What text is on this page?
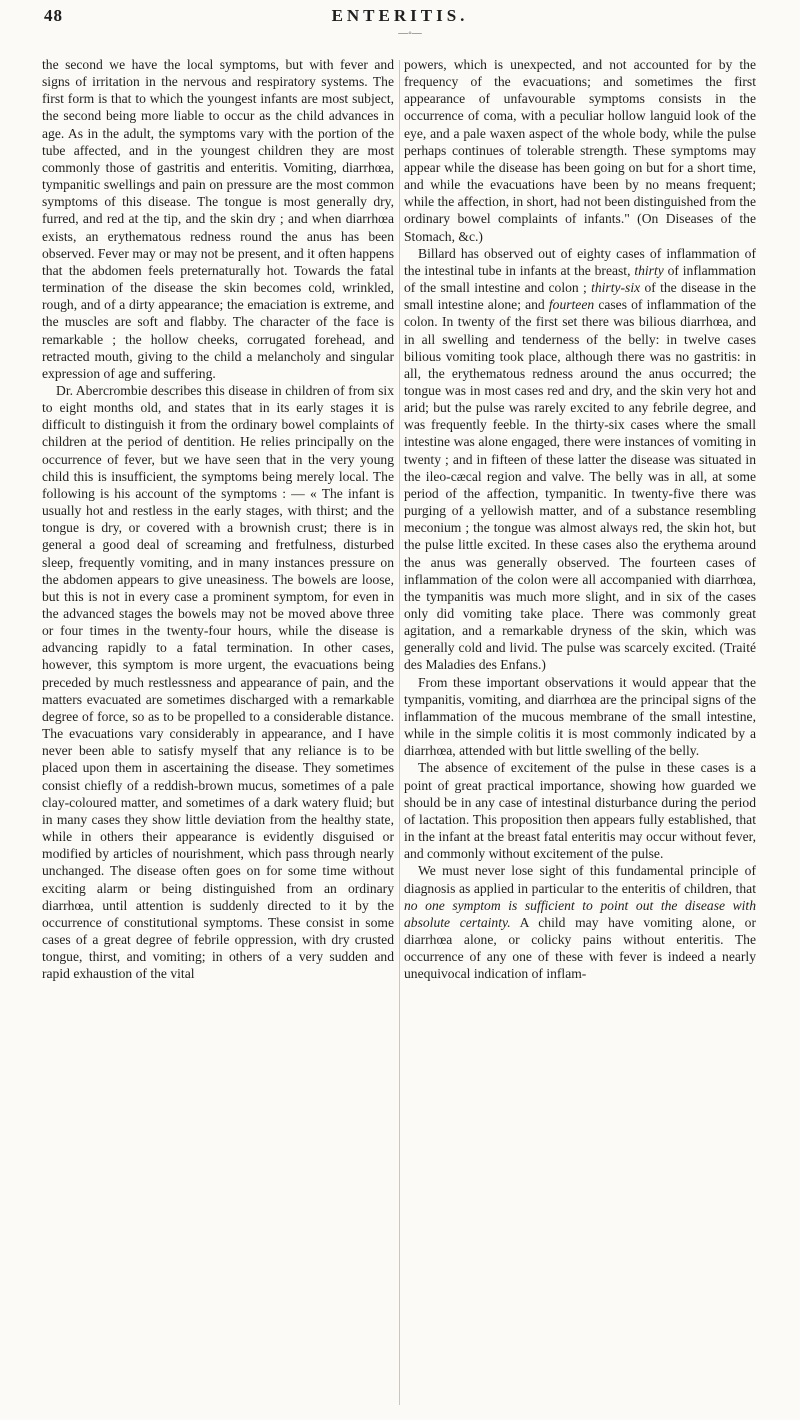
48	ENTERITIS.
—◦—

the second we have the local symptoms, but with fever and signs of irritation in the nervous and respiratory systems. The first form is that to which the youngest infants are most subject, the second being more liable to occur as the child advances in age. As in the adult, the symptoms vary with the portion of the tube affected, and in the youngest children they are most commonly those of gastritis and enteritis. Vomiting, diarrhœa, tympanitic swellings and pain on pressure are the most common symptoms of this disease. The tongue is most generally dry, furred, and red at the tip, and the skin dry ; and when diarrhœa exists, an erythematous redness round the anus has been observed. Fever may or may not be present, and it often happens that the abdomen feels preternaturally hot. Towards the fatal termination of the disease the skin becomes cold, wrinkled, rough, and of a dirty appearance; the emaciation is extreme, and the muscles are soft and flabby. The character of the face is remarkable ; the hollow cheeks, corrugated forehead, and retracted mouth, giving to the child a melancholy and singular expression of age and suffering.

Dr. Abercrombie describes this disease in children of from six to eight months old, and states that in its early stages it is difficult to distinguish it from the ordinary bowel complaints of children at the period of dentition. He relies principally on the occurrence of fever, but we have seen that in the very young child this is insufficient, the symptoms being merely local. The following is his account of the symptoms : — « The infant is usually hot and restless in the early stages, with thirst; and the tongue is dry, or covered with a brownish crust; there is in general a good deal of screaming and fretfulness, disturbed sleep, frequently vomiting, and in many instances pressure on the abdomen appears to give uneasiness. The bowels are loose, but this is not in every case a prominent symptom, for even in the advanced stages the bowels may not be moved above three or four times in the twenty-four hours, while the disease is advancing rapidly to a fatal termination. In other cases, however, this symptom is more urgent, the evacuations being preceded by much restlessness and appearance of pain, and the matters evacuated are sometimes discharged with a remarkable degree of force, so as to be propelled to a considerable distance. The evacuations vary considerably in appearance, and I have never been able to satisfy myself that any reliance is to be placed upon them in ascertaining the disease. They sometimes consist chiefly of a reddish-brown mucus, sometimes of a pale clay-coloured matter, and sometimes of a dark watery fluid; but in many cases they show little deviation from the healthy state, while in others their appearance is evidently disguised or modified by articles of nourishment, which pass through nearly unchanged. The disease often goes on for some time without exciting alarm or being distinguished from an ordinary diarrhœa, until attention is suddenly directed to it by the occurrence of constitutional symptoms. These consist in some cases of a great degree of febrile oppression, with dry crusted tongue, thirst, and vomiting; in others of a very sudden and rapid exhaustion of the vital

powers, which is unexpected, and not accounted for by the frequency of the evacuations; and sometimes the first appearance of unfavourable symptoms consists in the occurrence of coma, with a peculiar hollow languid look of the eye, and a pale waxen aspect of the whole body, while the pulse perhaps continues of tolerable strength. These symptoms may appear while the disease has been going on but for a short time, and while the evacuations have been by no means frequent; while the affection, in short, had not been distinguished from the ordinary bowel complaints of infants." (On Diseases of the Stomach, &c.)

Billard has observed out of eighty cases of inflammation of the intestinal tube in infants at the breast, thirty of inflammation of the small intestine and colon ; thirty-six of the disease in the small intestine alone; and fourteen cases of inflammation of the colon. In twenty of the first set there was bilious diarrhœa, and in all swelling and tenderness of the belly: in twelve cases bilious vomiting took place, although there was no gastritis: in all, the erythematous redness around the anus occurred; the tongue was in most cases red and dry, and the skin very hot and arid; but the pulse was rarely excited to any febrile degree, and was frequently feeble. In the thirty-six cases where the small intestine was alone engaged, there were instances of vomiting in twenty ; and in fifteen of these latter the disease was situated in the ileo-cæcal region and valve. The belly was in all, at some period of the affection, tympanitic. In twenty-five there was purging of a yellowish matter, and of a substance resembling meconium ; the tongue was almost always red, the skin hot, but the pulse little excited. In these cases also the erythema around the anus was generally observed. The fourteen cases of inflammation of the colon were all accompanied with diarrhœa, the tympanitis was much more slight, and in six of the cases only did vomiting take place. There was commonly great agitation, and a remarkable dryness of the skin, which was generally cold and livid. The pulse was scarcely excited. (Traité des Maladies des Enfans.)

From these important observations it would appear that the tympanitis, vomiting, and diarrhœa are the principal signs of the inflammation of the mucous membrane of the small intestine, while in the simple colitis it is most commonly indicated by a diarrhœa, attended with but little swelling of the belly.

The absence of excitement of the pulse in these cases is a point of great practical importance, showing how guarded we should be in any case of intestinal disturbance during the period of lactation. This proposition then appears fully established, that in the infant at the breast fatal enteritis may occur without fever, and commonly without excitement of the pulse.

We must never lose sight of this fundamental principle of diagnosis as applied in particular to the enteritis of children, that no one symptom is sufficient to point out the disease with absolute certainty. A child may have vomiting alone, or diarrhœa alone, or colicky pains without enteritis. The occurrence of any one of these with fever is indeed a nearly unequivocal indication of inflam-
